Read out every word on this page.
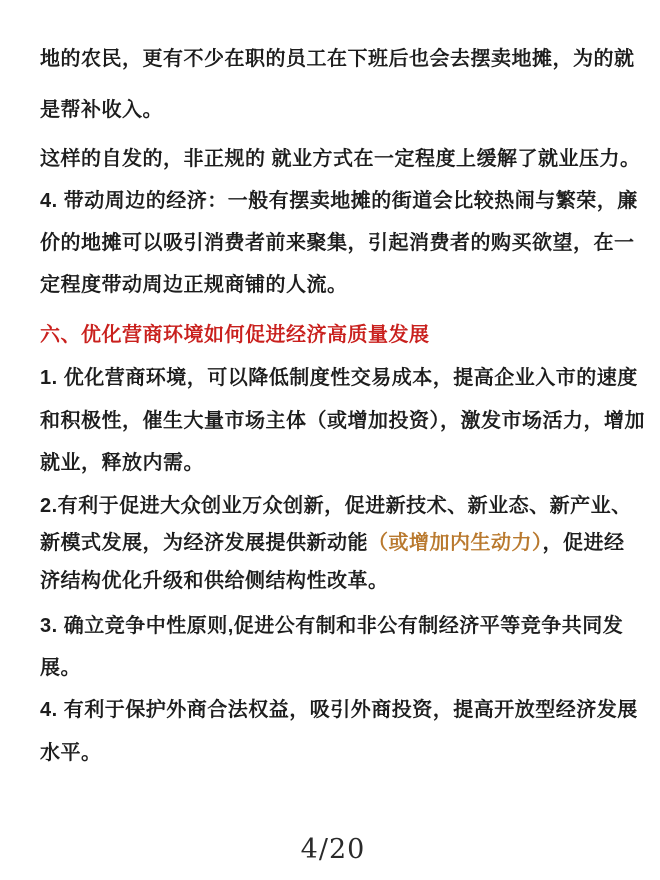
地的农民，更有不少在职的员工在下班后也会去摆卖地摊，为的就
是帮补收入。
这样的自发的，非正规的 就业方式在一定程度上缓解了就业压力。
4. 带动周边的经济：一般有摆卖地摊的街道会比较热闹与繁荣，廉
价的地摊可以吸引消费者前来聚集，引起消费者的购买欲望，在一
定程度带动周边正规商铺的人流。
六、优化营商环境如何促进经济高质量发展
1. 优化营商环境，可以降低制度性交易成本，提高企业入市的速度
和积极性，催生大量市场主体（或增加投资），激发市场活力，增加
就业，释放内需。
2.有利于促进大众创业万众创新，促进新技术、新业态、新产业、
新模式发展，为经济发展提供新动能（或增加内生动力），促进经
济结构优化升级和供给侧结构性改革。
3. 确立竞争中性原则,促进公有制和非公有制经济平等竞争共同发
展。
4. 有利于保护外商合法权益，吸引外商投资，提高开放型经济发展
水平。
4/20
